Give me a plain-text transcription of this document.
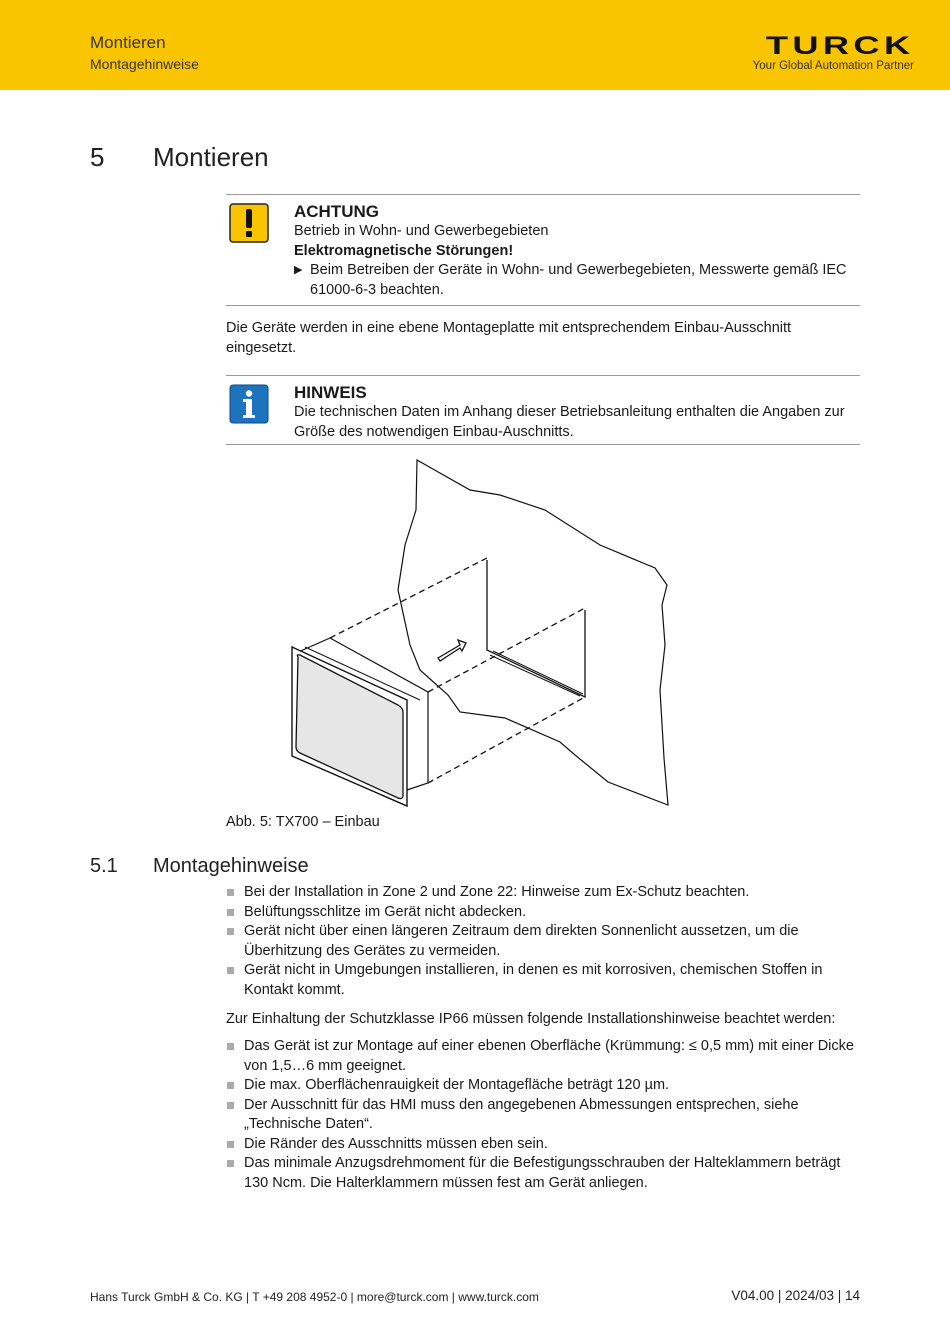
Montieren
Montagehinweise
TURCK
Your Global Automation Partner
5 Montieren
ACHTUNG
Betrieb in Wohn- und Gewerbegebieten
Elektromagnetische Störungen!
▶ Beim Betreiben der Geräte in Wohn- und Gewerbegebieten, Messwerte gemäß IEC 61000-6-3 beachten.
Die Geräte werden in eine ebene Montageplatte mit entsprechendem Einbau-Ausschnitt eingesetzt.
HINWEIS
Die technischen Daten im Anhang dieser Betriebsanleitung enthalten die Angaben zur Größe des notwendigen Einbau-Auschnitts.
Abb. 5: TX700 – Einbau
5.1 Montagehinweise
Bei der Installation in Zone 2 und Zone 22: Hinweise zum Ex-Schutz beachten.
Belüftungsschlitze im Gerät nicht abdecken.
Gerät nicht über einen längeren Zeitraum dem direkten Sonnenlicht aussetzen, um die Überhitzung des Gerätes zu vermeiden.
Gerät nicht in Umgebungen installieren, in denen es mit korrosiven, chemischen Stoffen in Kontakt kommt.
Zur Einhaltung der Schutzklasse IP66 müssen folgende Installationshinweise beachtet werden:
Das Gerät ist zur Montage auf einer ebenen Oberfläche (Krümmung: ≤ 0,5 mm) mit einer Dicke von 1,5…6 mm geeignet.
Die max. Oberflächenrauigkeit der Montagefläche beträgt 120 µm.
Der Ausschnitt für das HMI muss den angegebenen Abmessungen entsprechen, siehe „Technische Daten“.
Die Ränder des Ausschnitts müssen eben sein.
Das minimale Anzugsdrehmoment für die Befestigungsschrauben der Halteklammern beträgt 130 Ncm. Die Halterklammern müssen fest am Gerät anliegen.
Hans Turck GmbH & Co. KG | T +49 208 4952-0 | more@turck.com | www.turck.com	V04.00 | 2024/03 | 14
